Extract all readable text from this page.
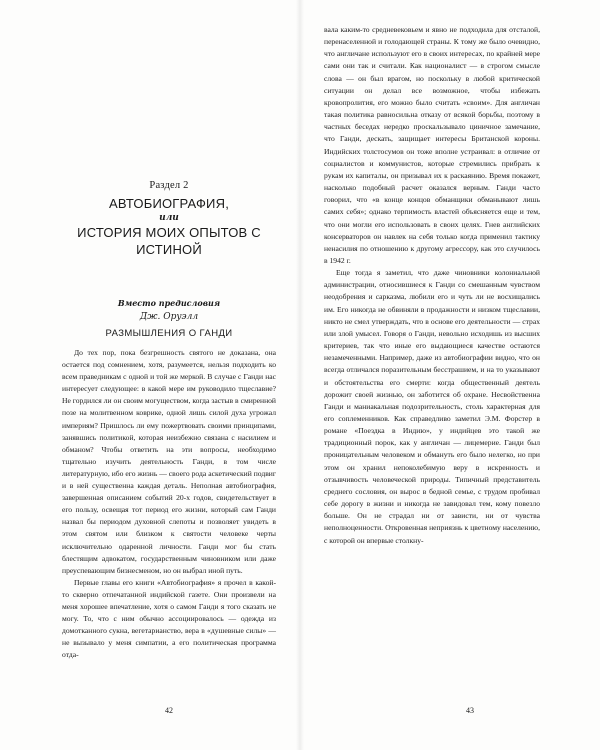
Раздел 2

АВТОБИОГРАФИЯ,

или

ИСТОРИЯ МОИХ ОПЫТОВ С ИСТИНОЙ

Вместо предисловия

Дж. Оруэлл

РАЗМЫШЛЕНИЯ О ГАНДИ

До тех пор, пока безгрешность святого не доказана, она остается под сомнением, хотя, разумеется, нельзя подходить ко всем праведникам с одной и той же меркой. В случае с Ганди нас интересует следующее: в какой мере им руководило тщеславие? Не гордился ли он своим могуществом, когда застыв в смиренной позе на молитвенном коврике, одной лишь силой духа угрожал империям? Пришлось ли ему пожертвовать своими принципами, занявшись политикой, которая неизбежно связана с насилием и обманом? Чтобы ответить на эти вопросы, необходимо тщательно изучить деятельность Ганди, в том числе литературную, ибо его жизнь — своего рода аскетический подвиг и в ней существенна каждая деталь. Неполная автобиография, завершенная описанием событий 20-х годов, свидетельствует в его пользу, освещая тот период его жизни, который сам Ганди назвал бы периодом духовной слепоты и позволяет увидеть в этом святом или близком к святости человеке черты исключительно одаренной личности. Ганди мог бы стать блестящим адвокатом, государственным чиновником или даже преуспевающим бизнесменом, но он выбрал иной путь.

Первые главы его книги «Автобиография» я прочел в какой-то скверно отпечатанной индийской газете. Они произвели на меня хорошее впечатление, хотя о самом Ганди я того сказать не могу. То, что с ним обычно ассоциировалось — одежда из домотканного сукна, вегетарианство, вера в «душевные силы» — не вызывало у меня симпатии, а его политическая программа отда-

42

вала каким-то средневековьем и явно не подходила для отсталой, перенаселенной и голодающей страны. К тому же было очевидно, что англичане используют его в своих интересах, по крайней мере сами они так и считали. Как националист — в строгом смысле слова — он был врагом, но поскольку в любой критической ситуации он делал все возможное, чтобы избежать кровопролития, его можно было считать «своим». Для англичан такая политика равносильна отказу от всякой борьбы, поэтому в частных беседах нередко проскальзывало циничное замечание, что Ганди, дескать, защищает интересы Британской короны. Индийских толстосумов он тоже вполне устраивал: в отличие от социалистов и коммунистов, которые стремились прибрать к рукам их капиталы, он призывал их к раскаянию. Время покажет, насколько подобный расчет оказался верным. Ганди часто говорил, что «в конце концов обманщики обманывают лишь самих себя»; однако терпимость властей объясняется еще и тем, что они могли его использовать в своих целях. Гнев английских консерваторов он навлек на себя только когда применил тактику ненасилия по отношению к другому агрессору, как это случилось в 1942 г.

Еще тогда я заметил, что даже чиновники колониальной администрации, относившиеся к Ганди со смешанным чувством неодобрения и сарказма, любили его и чуть ли не восхищались им. Его никогда не обвиняли в продажности и низком тщеславии, никто не смел утверждать, что в основе его деятельности — страх или злой умысел. Говоря о Ганди, невольно исходишь из высших критериев, так что иные его выдающиеся качестве остаются незамеченными. Например, даже из автобиографии видно, что он всегда отличался поразительным бесстрашием, и на то указывают и обстоятельства его смерти: когда общественный деятель дорожит своей жизнью, он заботится об охране. Несвойственна Ганди и маниакальная подозрительность, столь характерная для его соплеменников. Как справедливо заметил Э.М. Форстер в романе «Поездка в Индию», у индийцев это такой же традиционный порок, как у англичан — лицемерие. Ганди был проницательным человеком и обмануть его было нелегко, но при этом он хранил непоколебимую веру в искренность и отзывчивость человеческой природы. Типичный представитель среднего сословия, он вырос в бедной семье, с трудом пробивал себе дорогу в жизни и никогда не завидовал тем, кому повезло больше. Он не страдал ни от зависти, ни от чувства неполноценности. Откровенная неприязнь к цветному населению, с которой он впервые столкну-

43
